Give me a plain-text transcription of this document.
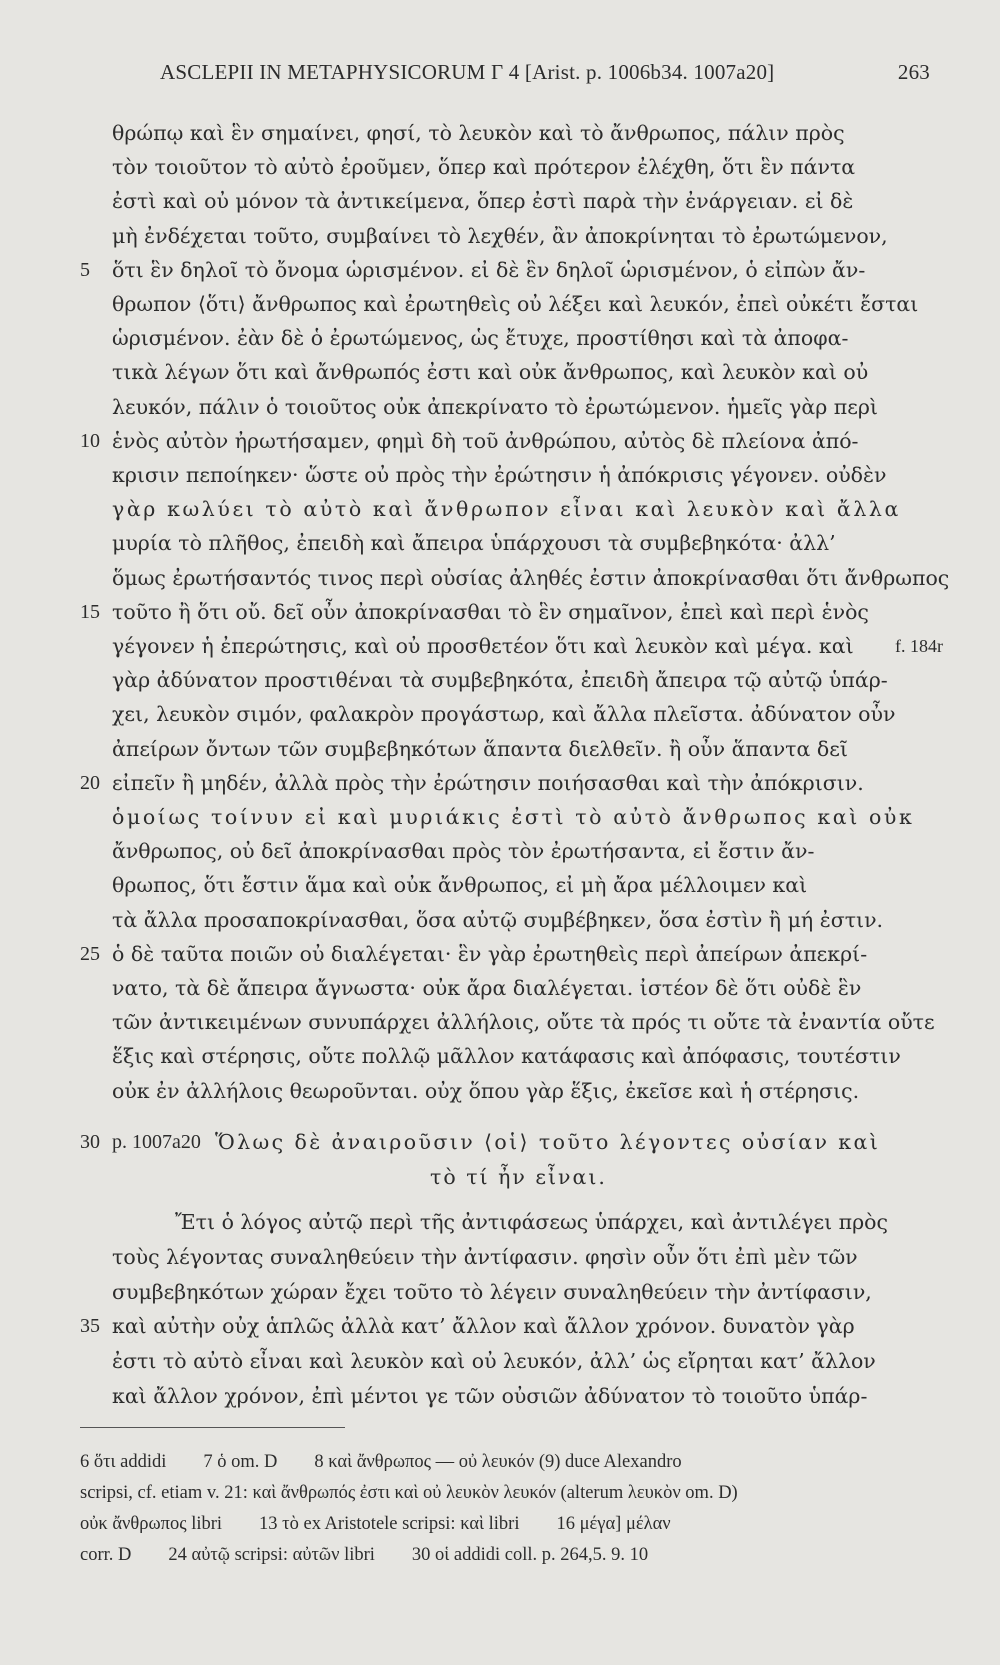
ASCLEPII IN METAPHYSICORUM Γ 4 [Arist. p. 1006b34. 1007a20]	263
θρώπῳ καὶ ἓν σημαίνει, φησί, τὸ λευκὸν καὶ τὸ ἄνθρωπος, πάλιν πρὸς
τὸν τοιοῦτον τὸ αὐτὸ ἐροῦμεν, ὅπερ καὶ πρότερον ἐλέχθη, ὅτι ἓν πάντα
ἐστὶ καὶ οὐ μόνον τὰ ἀντικείμενα, ὅπερ ἐστὶ παρὰ τὴν ἐνάργειαν. εἰ δὲ
μὴ ἐνδέχεται τοῦτο, συμβαίνει τὸ λεχθέν, ἂν ἀποκρίνηται τὸ ἐρωτώμενον,
5	ὅτι ἓν δηλοῖ τὸ ὄνομα ὡρισμένον. εἰ δὲ ἓν δηλοῖ ὡρισμένον, ὁ εἰπὼν ἄν-
θρωπον ⟨ὅτι⟩ ἄνθρωπος καὶ ἐρωτηθεὶς οὐ λέξει καὶ λευκόν, ἐπεὶ οὐκέτι ἔσται
ὡρισμένον. ἐὰν δὲ ὁ ἐρωτώμενος, ὡς ἔτυχε, προστίθησι καὶ τὰ ἀποφα-
τικὰ λέγων ὅτι καὶ ἄνθρωπός ἐστι καὶ οὐκ ἄνθρωπος, καὶ λευκὸν καὶ οὐ
λευκόν, πάλιν ὁ τοιοῦτος οὐκ ἀπεκρίνατο τὸ ἐρωτώμενον. ἡμεῖς γὰρ περὶ
10 ἑνὸς αὐτὸν ἠρωτήσαμεν, φημὶ δὴ τοῦ ἀνθρώπου, αὐτὸς δὲ πλείονα ἀπό-
κρισιν πεποίηκεν· ὥστε οὐ πρὸς τὴν ἐρώτησιν ἡ ἀπόκρισις γέγονεν. οὐδὲν
γὰρ κωλύει τὸ αὐτὸ καὶ ἄνθρωπον εἶναι καὶ λευκὸν καὶ ἄλλα
μυρία τὸ πλῆθος, ἐπειδὴ καὶ ἄπειρα ὑπάρχουσι τὰ συμβεβηκότα· ἀλλ’
ὅμως ἐρωτήσαντός τινος περὶ οὐσίας ἀληθές ἐστιν ἀποκρίνασθαι ὅτι ἄνθρωπος
15 τοῦτο ἢ ὅτι οὔ. δεῖ οὖν ἀποκρίνασθαι τὸ ἓν σημαῖνον, ἐπεὶ καὶ περὶ ἑνὸς
γέγονεν ἡ ἐπερώτησις, καὶ οὐ προσθετέον ὅτι καὶ λευκὸν καὶ μέγα. καὶ f. 184r
γὰρ ἀδύνατον προστιθέναι τὰ συμβεβηκότα, ἐπειδὴ ἄπειρα τῷ αὐτῷ ὑπάρ-
χει, λευκὸν σιμόν, φαλακρὸν προγάστωρ, καὶ ἄλλα πλεῖστα. ἀδύνατον οὖν
ἀπείρων ὄντων τῶν συμβεβηκότων ἅπαντα διελθεῖν. ἢ οὖν ἅπαντα δεῖ
20 εἰπεῖν ἢ μηδέν, ἀλλὰ πρὸς τὴν ἐρώτησιν ποιήσασθαι καὶ τὴν ἀπόκρισιν.
ὁμοίως τοίνυν εἰ καὶ μυριάκις ἐστὶ τὸ αὐτὸ ἄνθρωπος καὶ οὐκ
ἄνθρωπος, οὐ δεῖ ἀποκρίνασθαι πρὸς τὸν ἐρωτήσαντα, εἰ ἔστιν ἄν-
θρωπος, ὅτι ἔστιν ἅμα καὶ οὐκ ἄνθρωπος, εἰ μὴ ἄρα μέλλοιμεν καὶ
τὰ ἄλλα προσαποκρίνασθαι, ὅσα αὐτῷ συμβέβηκεν, ὅσα ἐστὶν ἢ μή ἐστιν.
25 ὁ δὲ ταῦτα ποιῶν οὐ διαλέγεται· ἓν γὰρ ἐρωτηθεὶς περὶ ἀπείρων ἀπεκρί-
νατο, τὰ δὲ ἄπειρα ἄγνωστα· οὐκ ἄρα διαλέγεται. ἰστέον δὲ ὅτι οὐδὲ ἓν
τῶν ἀντικειμένων συνυπάρχει ἀλλήλοις, οὔτε τὰ πρός τι οὔτε τὰ ἐναντία οὔτε
ἕξις καὶ στέρησις, οὔτε πολλῷ μᾶλλον κατάφασις καὶ ἀπόφασις, τουτέστιν
οὐκ ἐν ἀλλήλοις θεωροῦνται. οὐχ ὅπου γὰρ ἕξις, ἐκεῖσε καὶ ἡ στέρησις.
30 p. 1007a20 Ὅλως δὲ ἀναιροῦσιν ⟨οἱ⟩ τοῦτο λέγοντες οὐσίαν καὶ
τὸ τί ἦν εἶναι.
Ἔτι ὁ λόγος αὐτῷ περὶ τῆς ἀντιφάσεως ὑπάρχει, καὶ ἀντιλέγει πρὸς
τοὺς λέγοντας συναληθεύειν τὴν ἀντίφασιν. φησὶν οὖν ὅτι ἐπὶ μὲν τῶν
συμβεβηκότων χώραν ἔχει τοῦτο τὸ λέγειν συναληθεύειν τὴν ἀντίφασιν,
35 καὶ αὐτὴν οὐχ ἁπλῶς ἀλλὰ κατ’ ἄλλον καὶ ἄλλον χρόνον. δυνατὸν γὰρ
ἐστι τὸ αὐτὸ εἶναι καὶ λευκὸν καὶ οὐ λευκόν, ἀλλ’ ὡς εἴρηται κατ’ ἄλλον
καὶ ἄλλον χρόνον, ἐπὶ μέντοι γε τῶν οὐσιῶν ἀδύνατον τὸ τοιοῦτο ὑπάρ-
6 ὅτι addidi        7 ὁ om. D        8 καὶ ἄνθρωπος — οὐ λευκόν (9) duce Alexandro
scripsi, cf. etiam v. 21: καὶ ἄνθρωπός ἐστι καὶ οὐ λευκὸν λευκόν (alterum λευκὸν om. D)
οὐκ ἄνθρωπος libri        13 τὸ ex Aristotele scripsi: καὶ libri        16 μέγα] μέλαν
corr. D        24 αὐτῷ scripsi: αὐτῶν libri        30 οἱ addidi coll. p. 264,5. 9. 10
